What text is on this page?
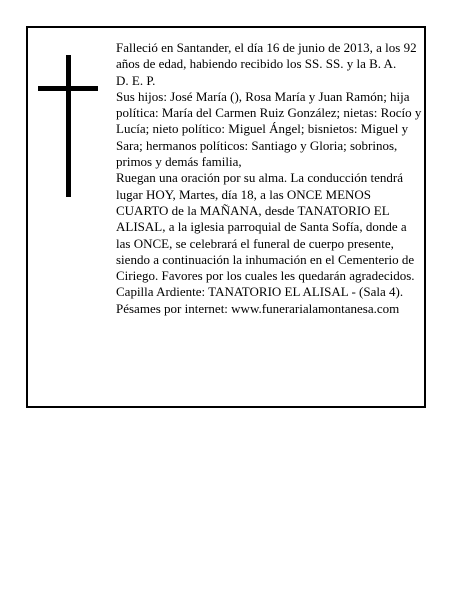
Falleció en Santander, el día 16 de junio de 2013, a los 92 años de edad, habiendo recibido los SS. SS. y la B. A.

D. E. P.

Sus hijos: José María (), Rosa María y Juan Ramón; hija política: María del Carmen Ruiz González; nietas: Rocío y Lucía; nieto político: Miguel Ángel; bisnietos: Miguel y Sara; hermanos políticos: Santiago y Gloria; sobrinos, primos y demás familia,

Ruegan una oración por su alma. La conducción tendrá lugar HOY, Martes, día 18, a las ONCE MENOS CUARTO de la MAÑANA, desde TANATORIO EL ALISAL, a la iglesia parroquial de Santa Sofía, donde a las ONCE, se celebrará el funeral de cuerpo presente, siendo a continuación la inhumación en el Cementerio de Ciriego. Favores por los cuales les quedarán agradecidos. Capilla Ardiente: TANATORIO EL ALISAL - (Sala 4).

Pésames por internet: www.funerarialamontanesa.com
